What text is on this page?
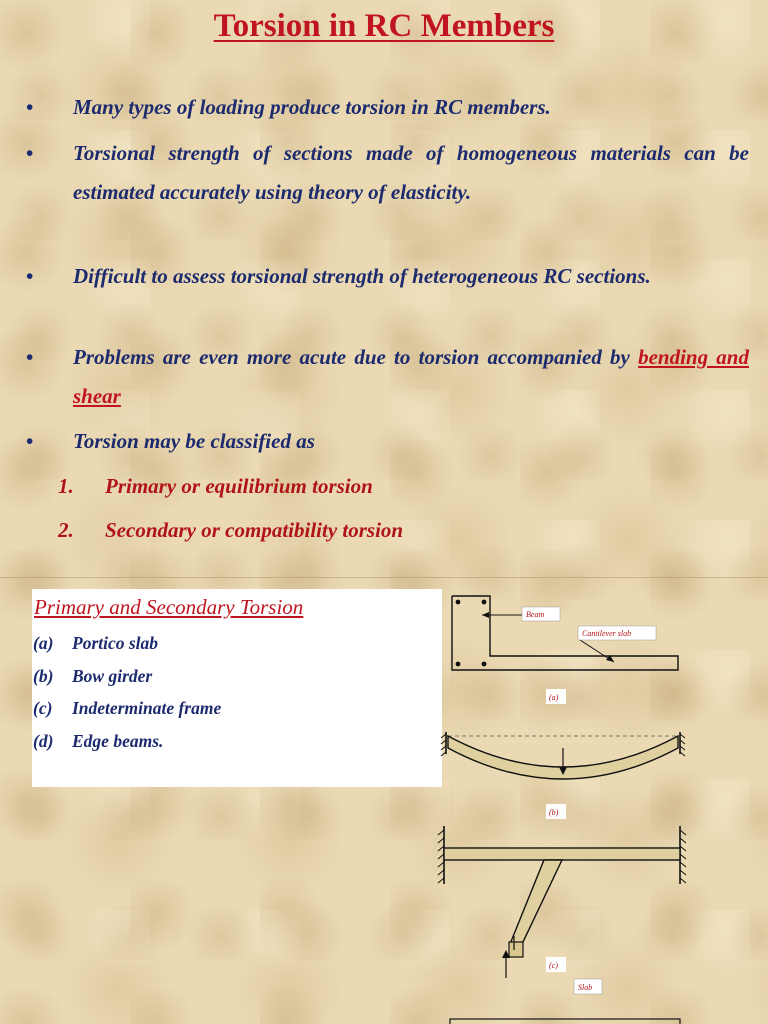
Torsion in RC Members
• Many types of loading produce torsion in RC members.
• Torsional strength of sections made of homogeneous materials can be estimated accurately using theory of elasticity.
• Difficult to assess torsional strength of heterogeneous RC sections.
• Problems are even more acute due to torsion accompanied by bending and shear
• Torsion may be classified as
1. Primary or equilibrium torsion
2. Secondary or compatibility torsion
Primary and Secondary Torsion
(a) Portico slab
(b) Bow girder
(c) Indeterminate frame
(d) Edge beams.
Beam
Cantilever slab
(a)
(b)
(c)
Slab
